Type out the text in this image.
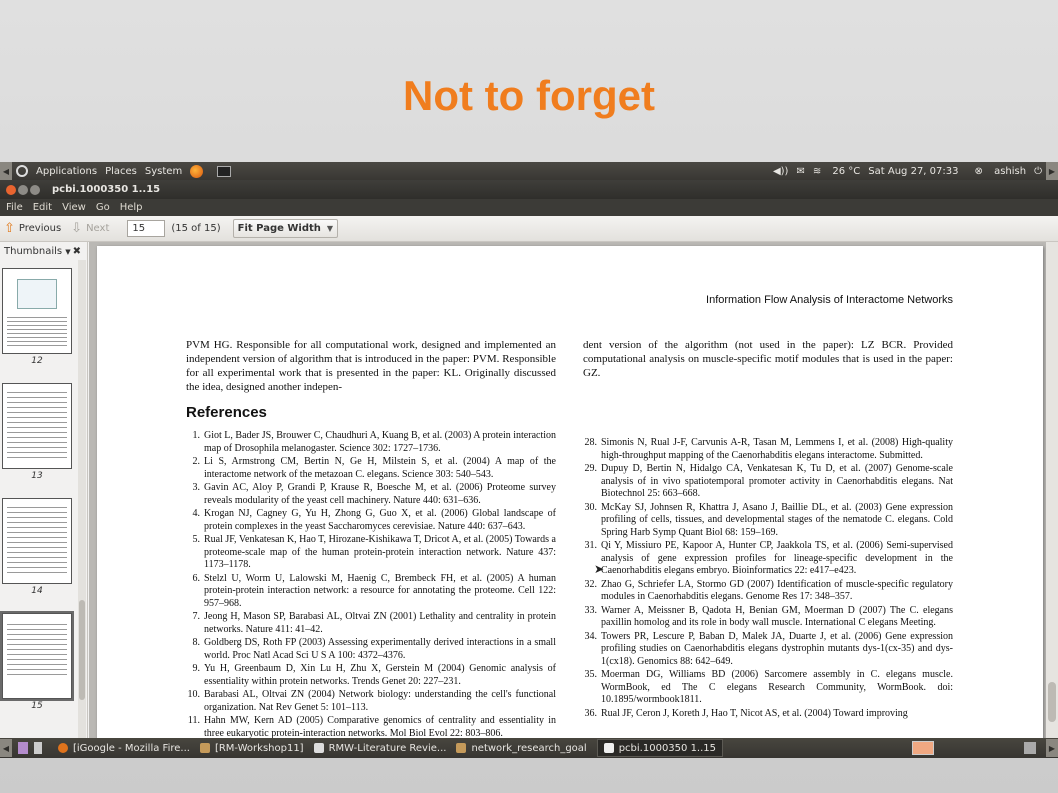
Not to forget
◀	Applications Places System	◀)) ✉ ≋ 26 °C Sat Aug 27, 07:33	⊗ ashish ⏻ ▶
pcbi.1000350 1..15
File Edit View Go Help
⇧ Previous ⇩ Next	15	(15 of 15) Fit Page Width ▼
Thumbnails ▼ ✖
12
13
14
15
Information Flow Analysis of Interactome Networks

PVM HG. Responsible for all computational work, designed and implemented an independent version of algorithm that is introduced in the paper: PVM. Responsible for all experimental work that is presented in the paper: KL. Originally discussed the idea, designed another indepen-

References
1. Giot L, Bader JS, Brouwer C, Chaudhuri A, Kuang B, et al. (2003) A protein interaction map of Drosophila melanogaster. Science 302: 1727–1736.
2. Li S, Armstrong CM, Bertin N, Ge H, Milstein S, et al. (2004) A map of the interactome network of the metazoan C. elegans. Science 303: 540–543.
3. Gavin AC, Aloy P, Grandi P, Krause R, Boesche M, et al. (2006) Proteome survey reveals modularity of the yeast cell machinery. Nature 440: 631–636.
4. Krogan NJ, Cagney G, Yu H, Zhong G, Guo X, et al. (2006) Global landscape of protein complexes in the yeast Saccharomyces cerevisiae. Nature 440: 637–643.
5. Rual JF, Venkatesan K, Hao T, Hirozane-Kishikawa T, Dricot A, et al. (2005) Towards a proteome-scale map of the human protein-protein interaction network. Nature 437: 1173–1178.
6. Stelzl U, Worm U, Lalowski M, Haenig C, Brembeck FH, et al. (2005) A human protein-protein interaction network: a resource for annotating the proteome. Cell 122: 957–968.
7. Jeong H, Mason SP, Barabasi AL, Oltvai ZN (2001) Lethality and centrality in protein networks. Nature 411: 41–42.
8. Goldberg DS, Roth FP (2003) Assessing experimentally derived interactions in a small world. Proc Natl Acad Sci U S A 100: 4372–4376.
9. Yu H, Greenbaum D, Xin Lu H, Zhu X, Gerstein M (2004) Genomic analysis of essentiality within protein networks. Trends Genet 20: 227–231.
10. Barabasi AL, Oltvai ZN (2004) Network biology: understanding the cell's functional organization. Nat Rev Genet 5: 101–113.
11. Hahn MW, Kern AD (2005) Comparative genomics of centrality and essentiality in three eukaryotic protein-interaction networks. Mol Biol Evol 22: 803–806.

dent version of the algorithm (not used in the paper): LZ BCR. Provided computational analysis on muscle-specific motif modules that is used in the paper: GZ.

28. Simonis N, Rual J-F, Carvunis A-R, Tasan M, Lemmens I, et al. (2008) High-quality high-throughput mapping of the Caenorhabditis elegans interactome. Submitted.
29. Dupuy D, Bertin N, Hidalgo CA, Venkatesan K, Tu D, et al. (2007) Genome-scale analysis of in vivo spatiotemporal promoter activity in Caenorhabditis elegans. Nat Biotechnol 25: 663–668.
30. McKay SJ, Johnsen R, Khattra J, Asano J, Baillie DL, et al. (2003) Gene expression profiling of cells, tissues, and developmental stages of the nematode C. elegans. Cold Spring Harb Symp Quant Biol 68: 159–169.
31. Qi Y, Missiuro PE, Kapoor A, Hunter CP, Jaakkola TS, et al. (2006) Semi-supervised analysis of gene expression profiles for lineage-specific development in the Caenorhabditis elegans embryo. Bioinformatics 22: e417–e423.
32. Zhao G, Schriefer LA, Stormo GD (2007) Identification of muscle-specific regulatory modules in Caenorhabditis elegans. Genome Res 17: 348–357.
33. Warner A, Meissner B, Qadota H, Benian GM, Moerman D (2007) The C. elegans paxillin homolog and its role in body wall muscle. International C elegans Meeting.
34. Towers PR, Lescure P, Baban D, Malek JA, Duarte J, et al. (2006) Gene expression profiling studies on Caenorhabditis elegans dystrophin mutants dys-1(cx-35) and dys-1(cx18). Genomics 88: 642–649.
35. Moerman DG, Williams BD (2006) Sarcomere assembly in C. elegans muscle. WormBook, ed The C elegans Research Community, WormBook. doi: 10.1895/wormbook1811.
36. Rual JF, Ceron J, Koreth J, Hao T, Nicot AS, et al. (2004) Toward improving
➤
◀	[iGoogle - Mozilla Fire...	[RM-Workshop11]	RMW-Literature Revie...	network_research_goal	pcbi.1000350 1..15	▶
